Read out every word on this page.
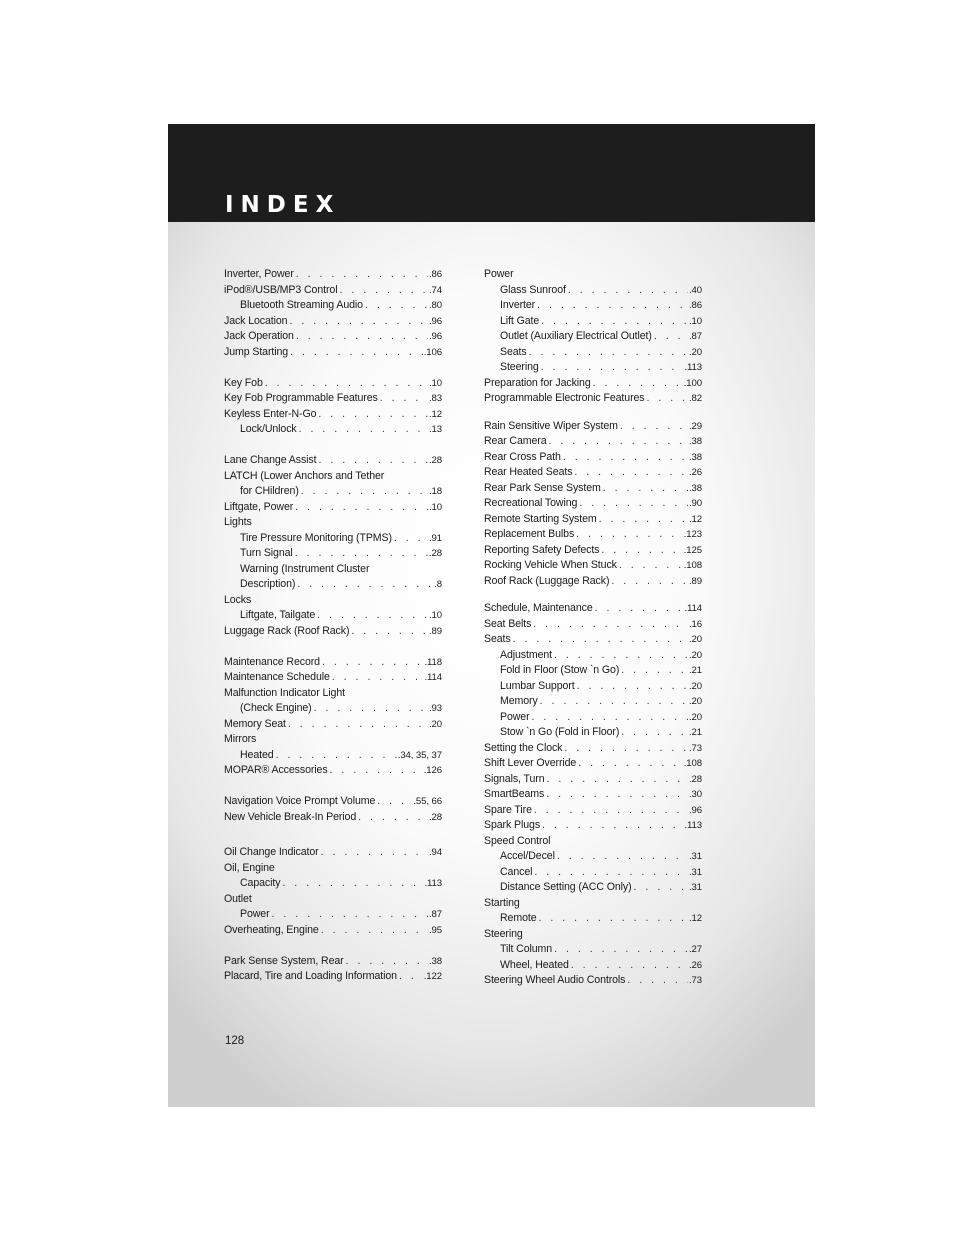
INDEX
Inverter, Power . . .	.86
iPod®/USB/MP3 Control . . .	.74
Bluetooth Streaming Audio . . .	.80
Jack Location . . .	.96
Jack Operation . . .	.96
Jump Starting . . .	.106
Key Fob . . .	.10
Key Fob Programmable Features . . .	.83
Keyless Enter-N-Go . . .	.12
Lock/Unlock . . .	.13
Lane Change Assist . . .	.28
LATCH (Lower Anchors and Tether
for CHildren) . . .	.18
Liftgate, Power . . .	.10
Lights
Tire Pressure Monitoring (TPMS) . . .	.91
Turn Signal . . .	.28
Warning (Instrument Cluster
Description) . . .	.8
Locks
Liftgate, Tailgate . . .	.10
Luggage Rack (Roof Rack) . . .	.89
Maintenance Record . . .	.118
Maintenance Schedule . . .	.114
Malfunction Indicator Light
(Check Engine) . . .	.93
Memory Seat . . .	.20
Mirrors
Heated . . .	.34, 35, 37
MOPAR® Accessories . . .	.126
Navigation Voice Prompt Volume . . .	.55, 66
New Vehicle Break-In Period . . .	.28
Oil Change Indicator . . .	.94
Oil, Engine
Capacity . . .	.113
Outlet
Power . . .	.87
Overheating, Engine . . .	.95
Park Sense System, Rear . . .	.38
Placard, Tire and Loading Information . . .	.122
Power
Glass Sunroof . . .	.40
Inverter . . .	.86
Lift Gate . . .	.10
Outlet (Auxiliary Electrical Outlet) . . .	.87
Seats . . .	.20
Steering . . .	.113
Preparation for Jacking . . .	.100
Programmable Electronic Features . . .	.82
Rain Sensitive Wiper System . . .	.29
Rear Camera . . .	.38
Rear Cross Path . . .	.38
Rear Heated Seats . . .	.26
Rear Park Sense System . . .	.38
Recreational Towing . . .	.90
Remote Starting System . . .	.12
Replacement Bulbs . . .	.123
Reporting Safety Defects . . .	.125
Rocking Vehicle When Stuck . . .	.108
Roof Rack (Luggage Rack) . . .	.89
Schedule, Maintenance . . .	.114
Seat Belts . . .	.16
Seats . . .	.20
Adjustment . . .	.20
Fold in Floor (Stow `n Go) . . .	.21
Lumbar Support . . .	.20
Memory . . .	.20
Power . . .	.20
Stow `n Go (Fold in Floor) . . .	.21
Setting the Clock . . .	.73
Shift Lever Override . . .	.108
Signals, Turn . . .	.28
SmartBeams . . .	.30
Spare Tire . . .	.96
Spark Plugs . . .	.113
Speed Control
Accel/Decel . . .	.31
Cancel . . .	.31
Distance Setting (ACC Only) . . .	.31
Starting
Remote . . .	.12
Steering
Tilt Column . . .	.27
Wheel, Heated . . .	.26
Steering Wheel Audio Controls . . .	.73
128
